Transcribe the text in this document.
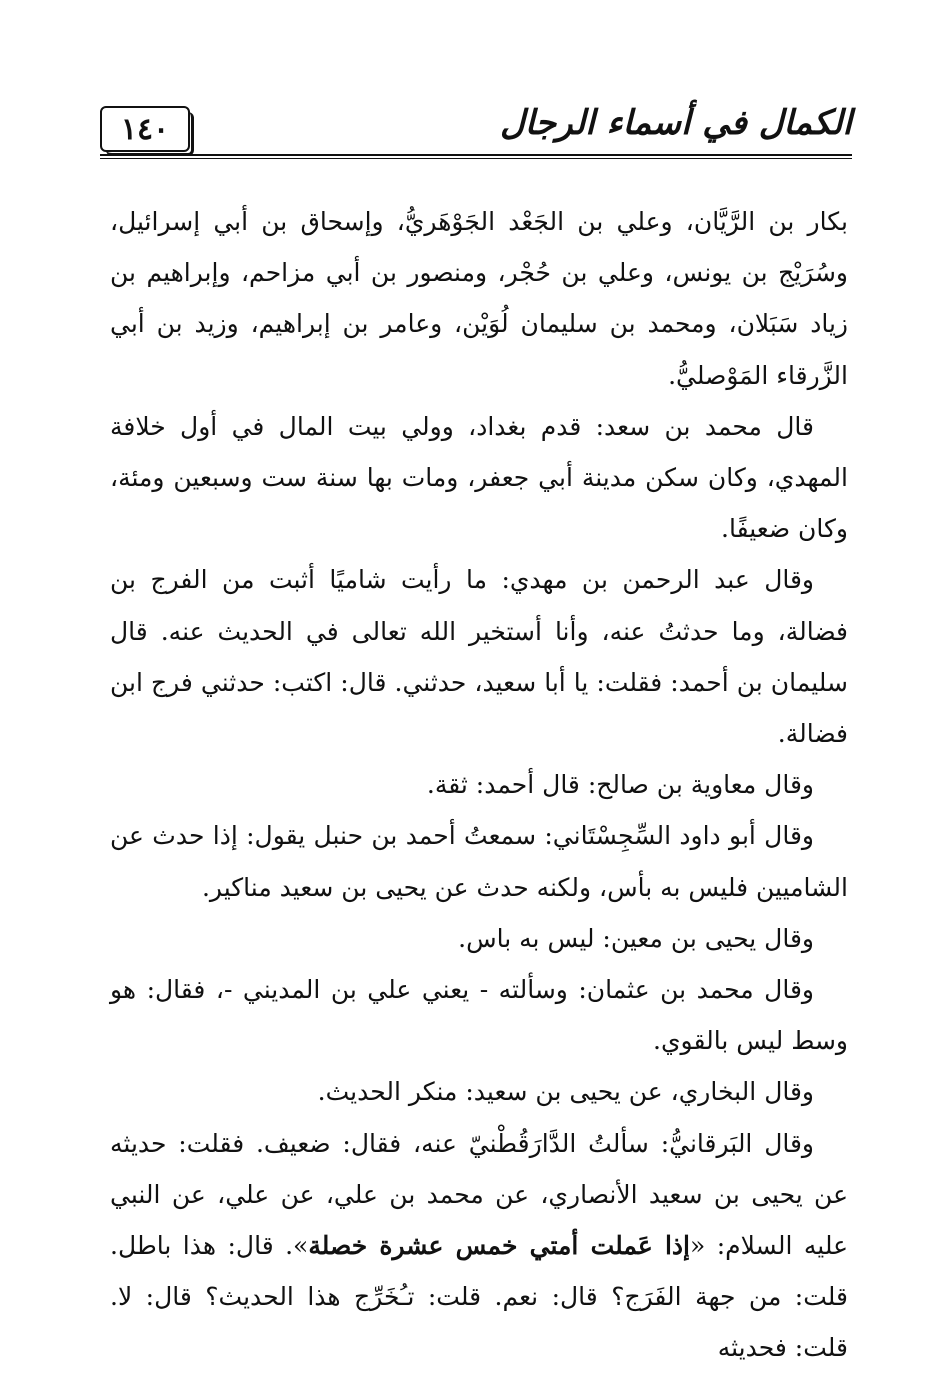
١٤٠	الكمال في أسماء الرجال

بكار بن الرَّيَّان، وعلي بن الجَعْد الجَوْهَريُّ، وإسحاق بن أبي إسرائيل، وسُرَيْج بن يونس، وعلي بن حُجْر، ومنصور بن أبي مزاحم، وإبراهيم بن زياد سَبَلان، ومحمد بن سليمان لُوَيْن، وعامر بن إبراهيم، وزيد بن أبي الزَّرقاء المَوْصليُّ.

قال محمد بن سعد: قدم بغداد، وولي بيت المال في أول خلافة المهدي، وكان سكن مدينة أبي جعفر، ومات بها سنة ست وسبعين ومئة، وكان ضعيفًا.

وقال عبد الرحمن بن مهدي: ما رأيت شاميًا أثبت من الفرج بن فضالة، وما حدثتُ عنه، وأنا أستخير الله تعالى في الحديث عنه. قال سليمان بن أحمد: فقلت: يا أبا سعيد، حدثني. قال: اكتب: حدثني فرج ابن فضالة.

وقال معاوية بن صالح: قال أحمد: ثقة.

وقال أبو داود السِّجِسْتَاني: سمعتُ أحمد بن حنبل يقول: إذا حدث عن الشاميين فليس به بأس، ولكنه حدث عن يحيى بن سعيد مناكير.

وقال يحيى بن معين: ليس به باس.

وقال محمد بن عثمان: وسألته - يعني علي بن المديني -، فقال: هو وسط ليس بالقوي.

وقال البخاري، عن يحيى بن سعيد: منكر الحديث.

وقال البَرقانيُّ: سألتُ الدَّارَقُطْنيّ عنه، فقال: ضعيف. فقلت: حديثه عن يحيى بن سعيد الأنصاري، عن محمد بن علي، عن علي، عن النبي عليه السلام: «إذا عَملت أمتي خمس عشرة خصلة». قال: هذا باطل. قلت: من جهة الفَرَج؟ قال: نعم. قلت: تـُخَرِّج هذا الحديث؟ قال: لا. قلت: فحديثه
